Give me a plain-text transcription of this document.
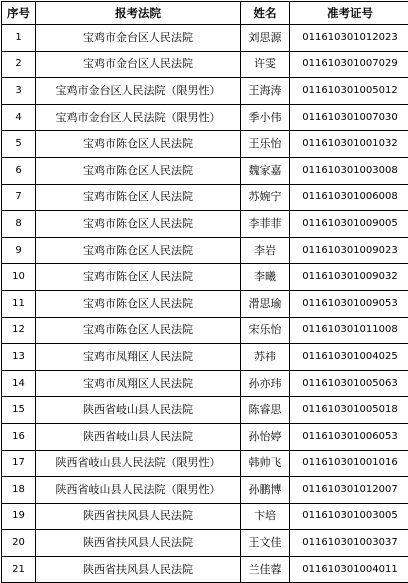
序号	报考法院	姓名	准考证号
1	宝鸡市金台区人民法院	刘思源	011610301012023
2	宝鸡市金台区人民法院	许雯	011610301007029
3	宝鸡市金台区人民法院（限男性）	王海涛	011610301005012
4	宝鸡市金台区人民法院（限男性）	季小伟	011610301007030
5	宝鸡市陈仓区人民法院	王乐怡	011610301001032
6	宝鸡市陈仓区人民法院	魏家嘉	011610301003008
7	宝鸡市陈仓区人民法院	苏婉宁	011610301006008
8	宝鸡市陈仓区人民法院	李菲菲	011610301009005
9	宝鸡市陈仓区人民法院	李岩	011610301009023
10	宝鸡市陈仓区人民法院	李曦	011610301009032
11	宝鸡市陈仓区人民法院	滑思瑜	011610301009053
12	宝鸡市陈仓区人民法院	宋乐怡	011610301011008
13	宝鸡市凤翔区人民法院	苏祎	011610301004025
14	宝鸡市凤翔区人民法院	孙亦玮	011610301005063
15	陕西省岐山县人民法院	陈睿思	011610301005018
16	陕西省岐山县人民法院	孙怡婷	011610301006053
17	陕西省岐山县人民法院（限男性）	韩帅飞	011610301001016
18	陕西省岐山县人民法院（限男性）	孙鹏博	011610301012007
19	陕西省扶风县人民法院	卞培	011610301003005
20	陕西省扶风县人民法院	王文佳	011610301003037
21	陕西省扶风县人民法院	兰佳蓉	011610301004011
